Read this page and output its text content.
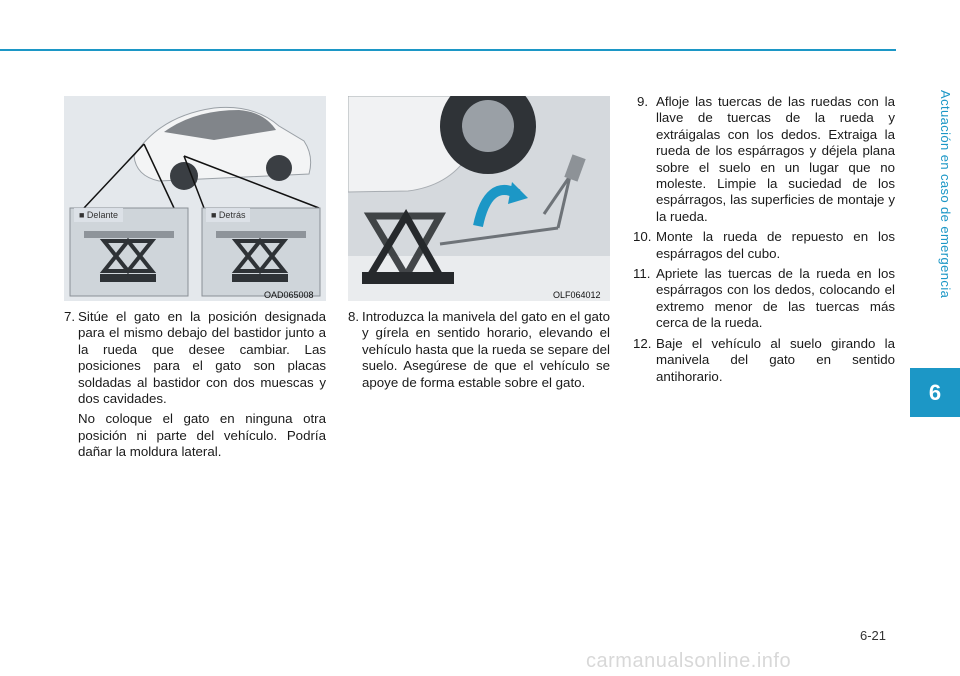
Actuación en caso de emergencia
6
OAD065008
■ Delante	■ Detrás
OLF064012
7. Sitúe el gato en la posición designada para el mismo debajo del bastidor junto a la rueda que desee cambiar. Las posiciones para el gato son placas soldadas al bastidor con dos muescas y dos cavidades.

No coloque el gato en ninguna otra posición ni parte del vehículo. Podría dañar la moldura lateral.

8. Introduzca la manivela del gato en el gato y gírela en sentido horario, elevando el vehículo hasta que la rueda se separe del suelo. Asegúrese de que el vehículo se apoye de forma estable sobre el gato.
9. Afloje las tuercas de las ruedas con la llave de tuercas de la rueda y extráigalas con los dedos. Extraiga la rueda de los espárragos y déjela plana sobre el suelo en un lugar que no moleste. Limpie la suciedad de los espárragos, las superficies de montaje y la rueda.
10. Monte la rueda de repuesto en los espárragos del cubo.
11. Apriete las tuercas de la rueda en los espárragos con los dedos, colocando el extremo menor de las tuercas más cerca de la rueda.
12. Baje el vehículo al suelo girando la manivela del gato en sentido antihorario.
6-21
carmanualsonline.info
